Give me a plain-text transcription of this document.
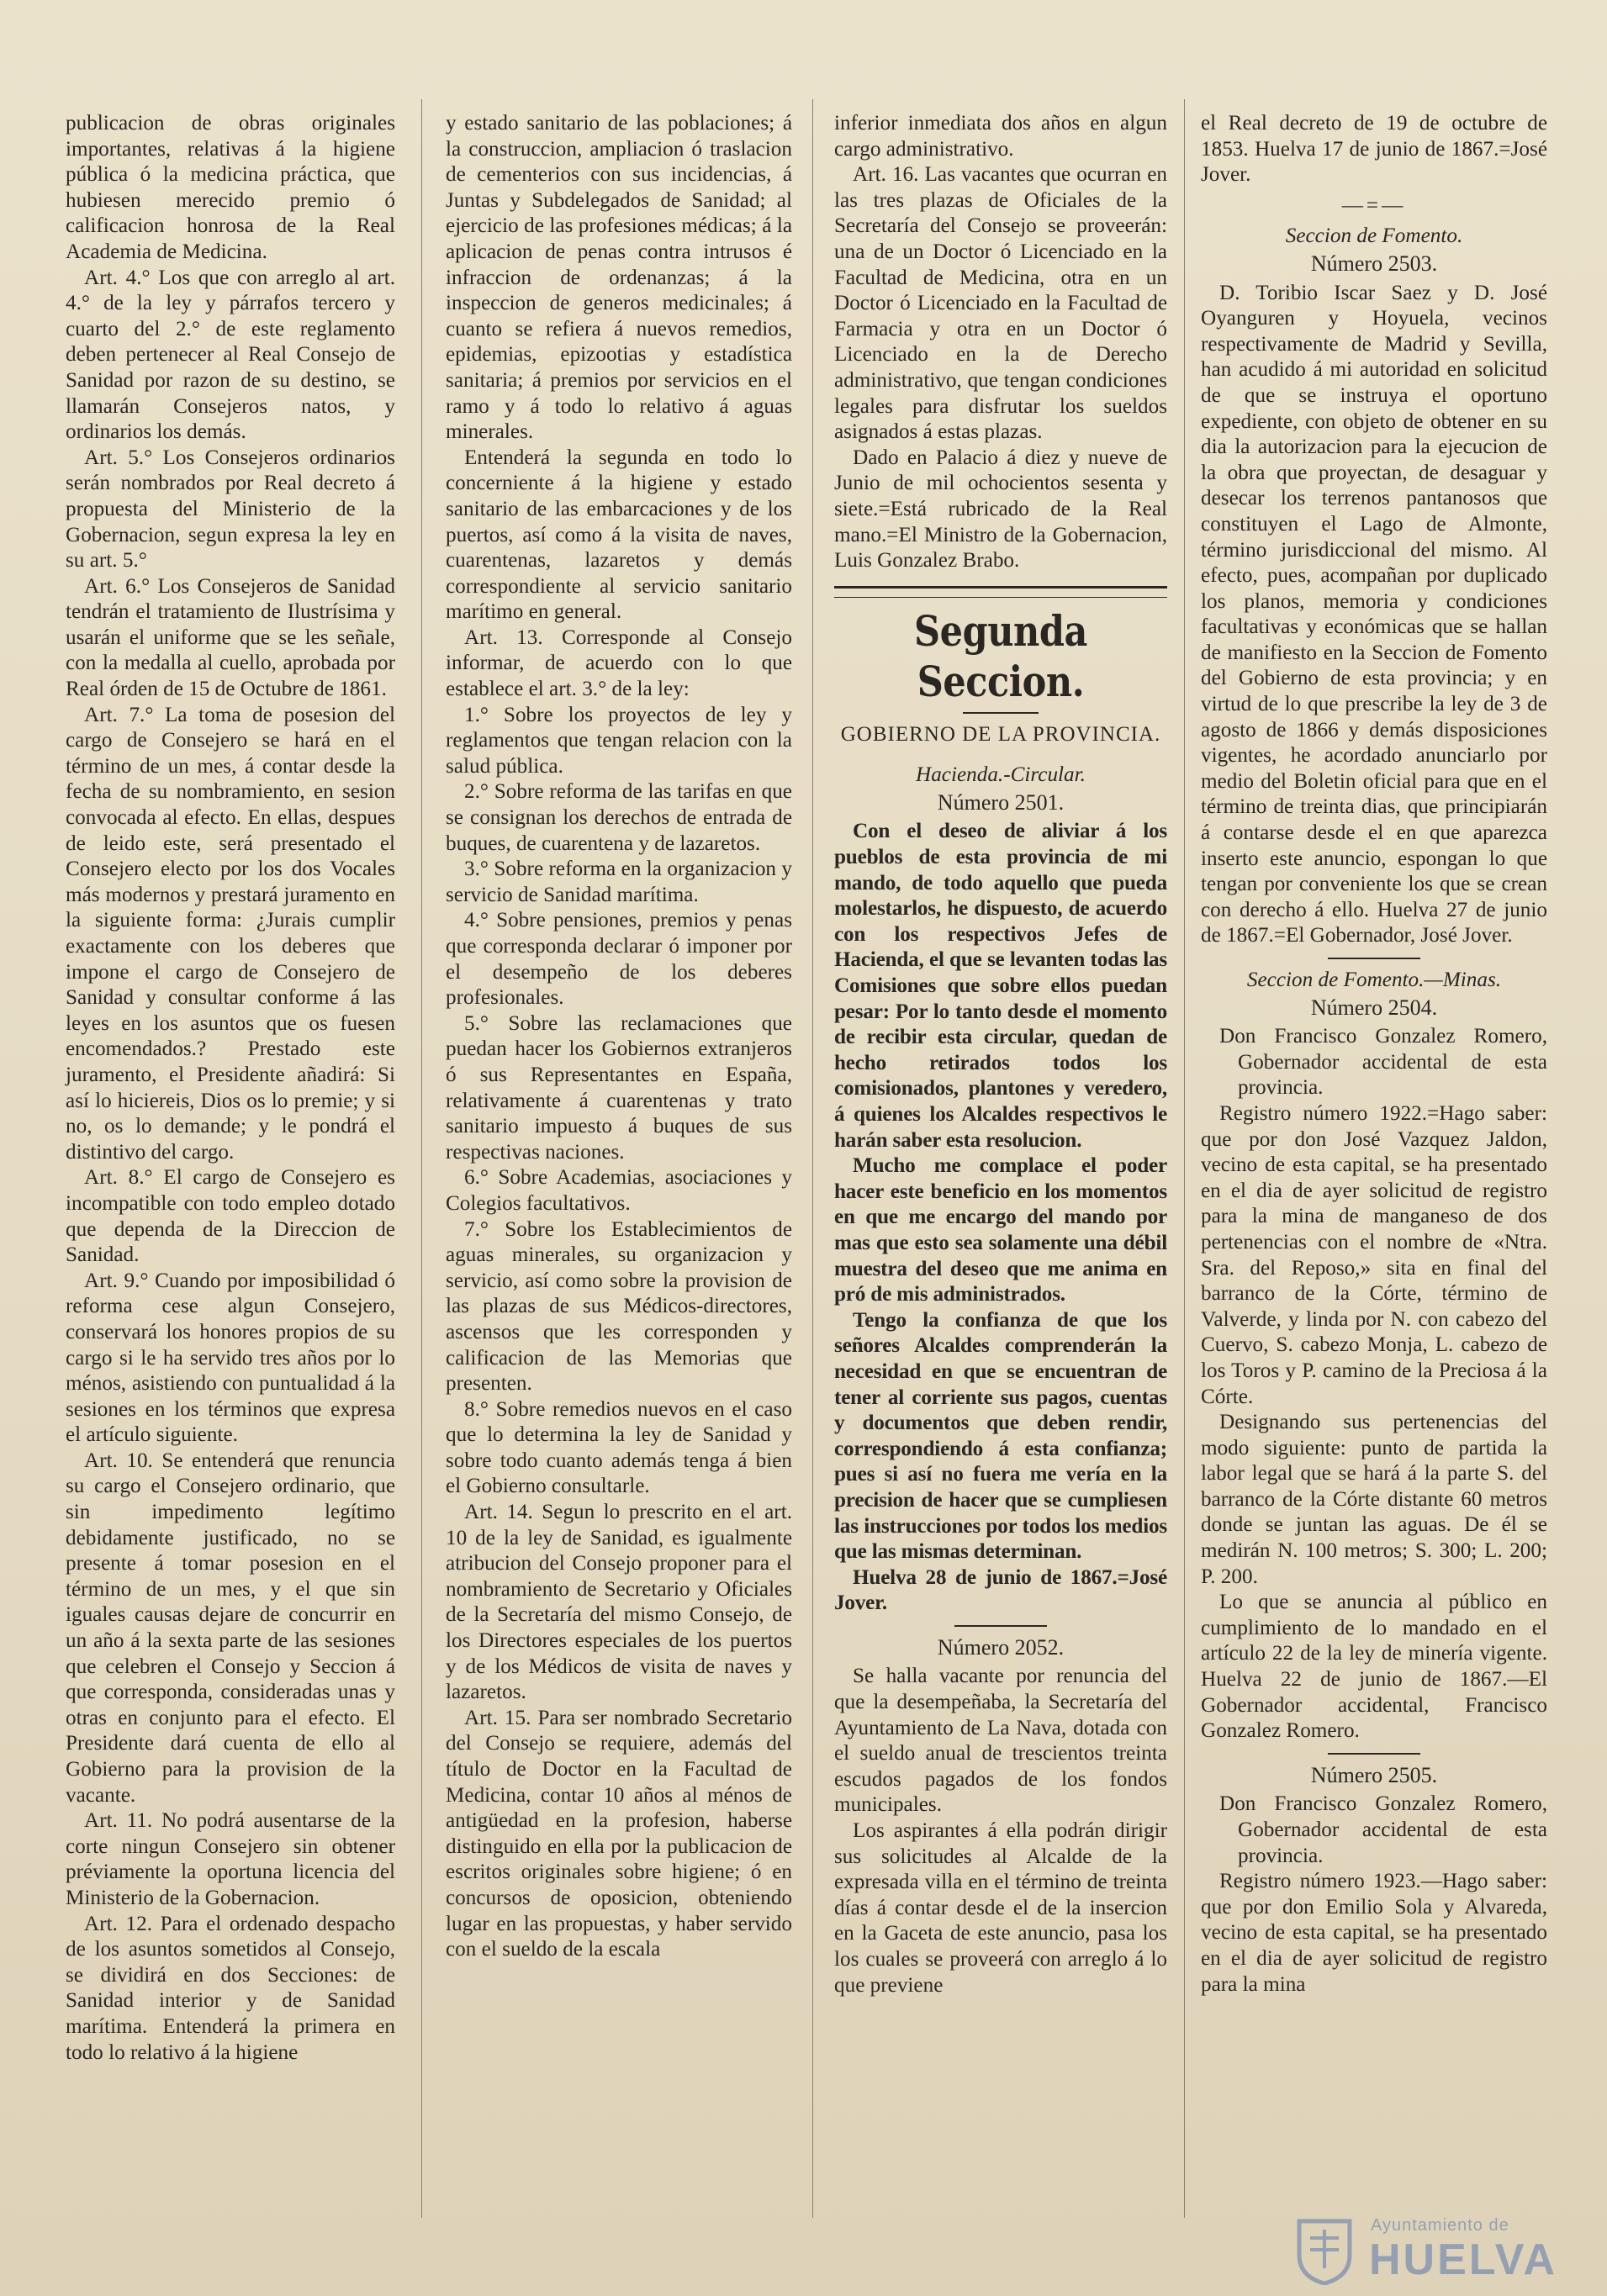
publicacion de obras originales importantes, relativas á la higiene pública ó la medicina práctica, que hubiesen merecido premio ó calificacion honrosa de la Real Academia de Medicina.

Art. 4.° Los que con arreglo al art. 4.° de la ley y párrafos tercero y cuarto del 2.° de este reglamento deben pertenecer al Real Consejo de Sanidad por razon de su destino, se llamarán Consejeros natos, y ordinarios los demás.

Art. 5.° Los Consejeros ordinarios serán nombrados por Real decreto á propuesta del Ministerio de la Gobernacion, segun expresa la ley en su art. 5.°

Art. 6.° Los Consejeros de Sanidad tendrán el tratamiento de Ilustrísima y usarán el uniforme que se les señale, con la medalla al cuello, aprobada por Real órden de 15 de Octubre de 1861.

Art. 7.° La toma de posesion del cargo de Consejero se hará en el término de un mes, á contar desde la fecha de su nombramiento, en sesion convocada al efecto. En ellas, despues de leido este, será presentado el Consejero electo por los dos Vocales más modernos y prestará juramento en la siguiente forma: ¿Jurais cumplir exactamente con los deberes que impone el cargo de Consejero de Sanidad y consultar conforme á las leyes en los asuntos que os fuesen encomendados.? Prestado este juramento, el Presidente añadirá: Si así lo hiciereis, Dios os lo premie; y si no, os lo demande; y le pondrá el distintivo del cargo.

Art. 8.° El cargo de Consejero es incompatible con todo empleo dotado que dependa de la Direccion de Sanidad.

Art. 9.° Cuando por imposibilidad ó reforma cese algun Consejero, conservará los honores propios de su cargo si le ha servido tres años por lo ménos, asistiendo con puntualidad á la sesiones en los términos que expresa el artículo siguiente.

Art. 10. Se entenderá que renuncia su cargo el Consejero ordinario, que sin impedimento legítimo debidamente justificado, no se presente á tomar posesion en el término de un mes, y el que sin iguales causas dejare de concurrir en un año á la sexta parte de las sesiones que celebren el Consejo y Seccion á que corresponda, consideradas unas y otras en conjunto para el efecto. El Presidente dará cuenta de ello al Gobierno para la provision de la vacante.

Art. 11. No podrá ausentarse de la corte ningun Consejero sin obtener préviamente la oportuna licencia del Ministerio de la Gobernacion.

Art. 12. Para el ordenado despacho de los asuntos sometidos al Consejo, se dividirá en dos Secciones: de Sanidad interior y de Sanidad marítima. Entenderá la primera en todo lo relativo á la higiene

y estado sanitario de las poblaciones; á la construccion, ampliacion ó traslacion de cementerios con sus incidencias, á Juntas y Subdelegados de Sanidad; al ejercicio de las profesiones médicas; á la aplicacion de penas contra intrusos é infraccion de ordenanzas; á la inspeccion de generos medicinales; á cuanto se refiera á nuevos remedios, epidemias, epizootias y estadística sanitaria; á premios por servicios en el ramo y á todo lo relativo á aguas minerales.

Entenderá la segunda en todo lo concerniente á la higiene y estado sanitario de las embarcaciones y de los puertos, así como á la visita de naves, cuarentenas, lazaretos y demás correspondiente al servicio sanitario marítimo en general.

Art. 13. Corresponde al Consejo informar, de acuerdo con lo que establece el art. 3.° de la ley:

1.° Sobre los proyectos de ley y reglamentos que tengan relacion con la salud pública.

2.° Sobre reforma de las tarifas en que se consignan los derechos de entrada de buques, de cuarentena y de lazaretos.

3.° Sobre reforma en la organizacion y servicio de Sanidad marítima.

4.° Sobre pensiones, premios y penas que corresponda declarar ó imponer por el desempeño de los deberes profesionales.

5.° Sobre las reclamaciones que puedan hacer los Gobiernos extranjeros ó sus Representantes en España, relativamente á cuarentenas y trato sanitario impuesto á buques de sus respectivas naciones.

6.° Sobre Academias, asociaciones y Colegios facultativos.

7.° Sobre los Establecimientos de aguas minerales, su organizacion y servicio, así como sobre la provision de las plazas de sus Médicos-directores, ascensos que les corresponden y calificacion de las Memorias que presenten.

8.° Sobre remedios nuevos en el caso que lo determina la ley de Sanidad y sobre todo cuanto además tenga á bien el Gobierno consultarle.

Art. 14. Segun lo prescrito en el art. 10 de la ley de Sanidad, es igualmente atribucion del Consejo proponer para el nombramiento de Secretario y Oficiales de la Secretaría del mismo Consejo, de los Directores especiales de los puertos y de los Médicos de visita de naves y lazaretos.

Art. 15. Para ser nombrado Secretario del Consejo se requiere, además del título de Doctor en la Facultad de Medicina, contar 10 años al ménos de antigüedad en la profesion, haberse distinguido en ella por la publicacion de escritos originales sobre higiene; ó en concursos de oposicion, obteniendo lugar en las propuestas, y haber servido con el sueldo de la escala

inferior inmediata dos años en algun cargo administrativo.

Art. 16. Las vacantes que ocurran en las tres plazas de Oficiales de la Secretaría del Consejo se proveerán: una de un Doctor ó Licenciado en la Facultad de Medicina, otra en un Doctor ó Licenciado en la Facultad de Farmacia y otra en un Doctor ó Licenciado en la de Derecho administrativo, que tengan condiciones legales para disfrutar los sueldos asignados á estas plazas.

Dado en Palacio á diez y nueve de Junio de mil ochocientos sesenta y siete.=Está rubricado de la Real mano.=El Ministro de la Gobernacion, Luis Gonzalez Brabo.

Segunda Seccion.
GOBIERNO DE LA PROVINCIA.
Hacienda.-Circular.
Número 2501.

Con el deseo de aliviar á los pueblos de esta provincia de mi mando, de todo aquello que pueda molestarlos, he dispuesto, de acuerdo con los respectivos Jefes de Hacienda, el que se levanten todas las Comisiones que sobre ellos puedan pesar: Por lo tanto desde el momento de recibir esta circular, quedan de hecho retirados todos los comisionados, plantones y veredero, á quienes los Alcaldes respectivos le harán saber esta resolucion.

Mucho me complace el poder hacer este beneficio en los momentos en que me encargo del mando por mas que esto sea solamente una débil muestra del deseo que me anima en pró de mis administrados.

Tengo la confianza de que los señores Alcaldes comprenderán la necesidad en que se encuentran de tener al corriente sus pagos, cuentas y documentos que deben rendir, correspondiendo á esta confianza; pues si así no fuera me vería en la precision de hacer que se cumpliesen las instrucciones por todos los medios que las mismas determinan.

Huelva 28 de junio de 1867.=José Jover.

Número 2052.

Se halla vacante por renuncia del que la desempeñaba, la Secretaría del Ayuntamiento de La Nava, dotada con el sueldo anual de trescientos treinta escudos pagados de los fondos municipales.

Los aspirantes á ella podrán dirigir sus solicitudes al Alcalde de la expresada villa en el término de treinta días á contar desde el de la insercion en la Gaceta de este anuncio, pasa los los cuales se proveerá con arreglo á lo que previene

el Real decreto de 19 de octubre de 1853. Huelva 17 de junio de 1867.=José Jover.

—=—
Seccion de Fomento.
Número 2503.

D. Toribio Iscar Saez y D. José Oyanguren y Hoyuela, vecinos respectivamente de Madrid y Sevilla, han acudido á mi autoridad en solicitud de que se instruya el oportuno expediente, con objeto de obtener en su dia la autorizacion para la ejecucion de la obra que proyectan, de desaguar y desecar los terrenos pantanosos que constituyen el Lago de Almonte, término jurisdiccional del mismo. Al efecto, pues, acompañan por duplicado los planos, memoria y condiciones facultativas y económicas que se hallan de manifiesto en la Seccion de Fomento del Gobierno de esta provincia; y en virtud de lo que prescribe la ley de 3 de agosto de 1866 y demás disposiciones vigentes, he acordado anunciarlo por medio del Boletin oficial para que en el término de treinta dias, que principiarán á contarse desde el en que aparezca inserto este anuncio, espongan lo que tengan por conveniente los que se crean con derecho á ello. Huelva 27 de junio de 1867.=El Gobernador, José Jover.

Seccion de Fomento.—Minas.
Número 2504.

Don Francisco Gonzalez Romero, Gobernador accidental de esta provincia.

Registro número 1922.=Hago saber: que por don José Vazquez Jaldon, vecino de esta capital, se ha presentado en el dia de ayer solicitud de registro para la mina de manganeso de dos pertenencias con el nombre de «Ntra. Sra. del Reposo,» sita en final del barranco de la Córte, término de Valverde, y linda por N. con cabezo del Cuervo, S. cabezo Monja, L. cabezo de los Toros y P. camino de la Preciosa á la Córte.

Designando sus pertenencias del modo siguiente: punto de partida la labor legal que se hará á la parte S. del barranco de la Córte distante 60 metros donde se juntan las aguas. De él se medirán N. 100 metros; S. 300; L. 200; P. 200.

Lo que se anuncia al público en cumplimiento de lo mandado en el artículo 22 de la ley de minería vigente. Huelva 22 de junio de 1867.—El Gobernador accidental, Francisco Gonzalez Romero.

Número 2505.

Don Francisco Gonzalez Romero, Gobernador accidental de esta provincia.

Registro número 1923.—Hago saber: que por don Emilio Sola y Alvareda, vecino de esta capital, se ha presentado en el dia de ayer solicitud de registro para la mina

Ayuntamiento de
HUELVA
